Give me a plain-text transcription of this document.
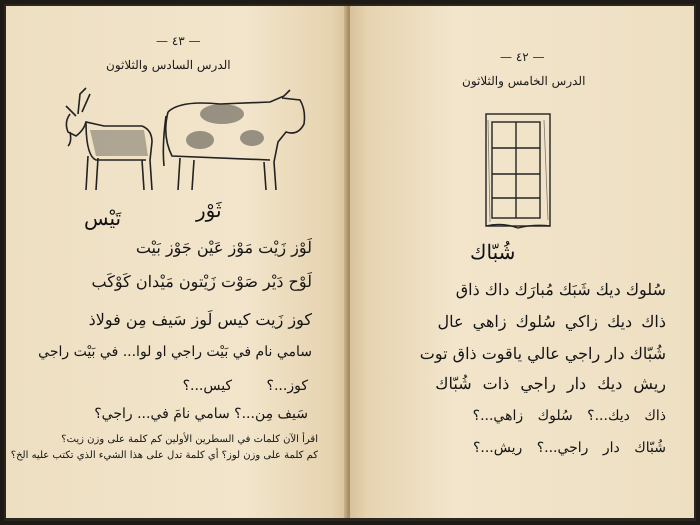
— ٤٣ —
الدرس السادس والثلاثون
ثَوْر
تَيْس
لَوْز زَيْت مَوْز عَيْن جَوْز بَيْت
لَوْح دَيْر صَوْت زَيْتون مَيْدان كَوْكَب
كوز زَيت كيس لَوز سَيف مِن فولاذ
سامي نام في بَيْت راجي او لوا... في بَيْت راجي
كوز...؟ كيس...؟
سَيف مِن...؟ سامي نامَ في... راجي؟
اقرأ الآن كلمات في السطرين الأولين كم كلمة على وزن زيت؟
كم كلمة على وزن لوز؟ أي كلمة تدل على هذا الشيء الذي تكتب عليه الخ؟
— ٤٢ —
الدرس الخامس والثلاثون
شُبّاك
سُلوك ديك شَبَك مُبارَك داك ذاق
ذاك ديك زاكي سُلوك زاهي عال
شُبّاك دار راجي عالي ياقوت ذاق توت
ريش ديك دار راجي ذات شُبّاك
ذاك ديك...؟ سُلوك زاهي...؟
شُبّاك دار راجي...؟ ريش...؟
